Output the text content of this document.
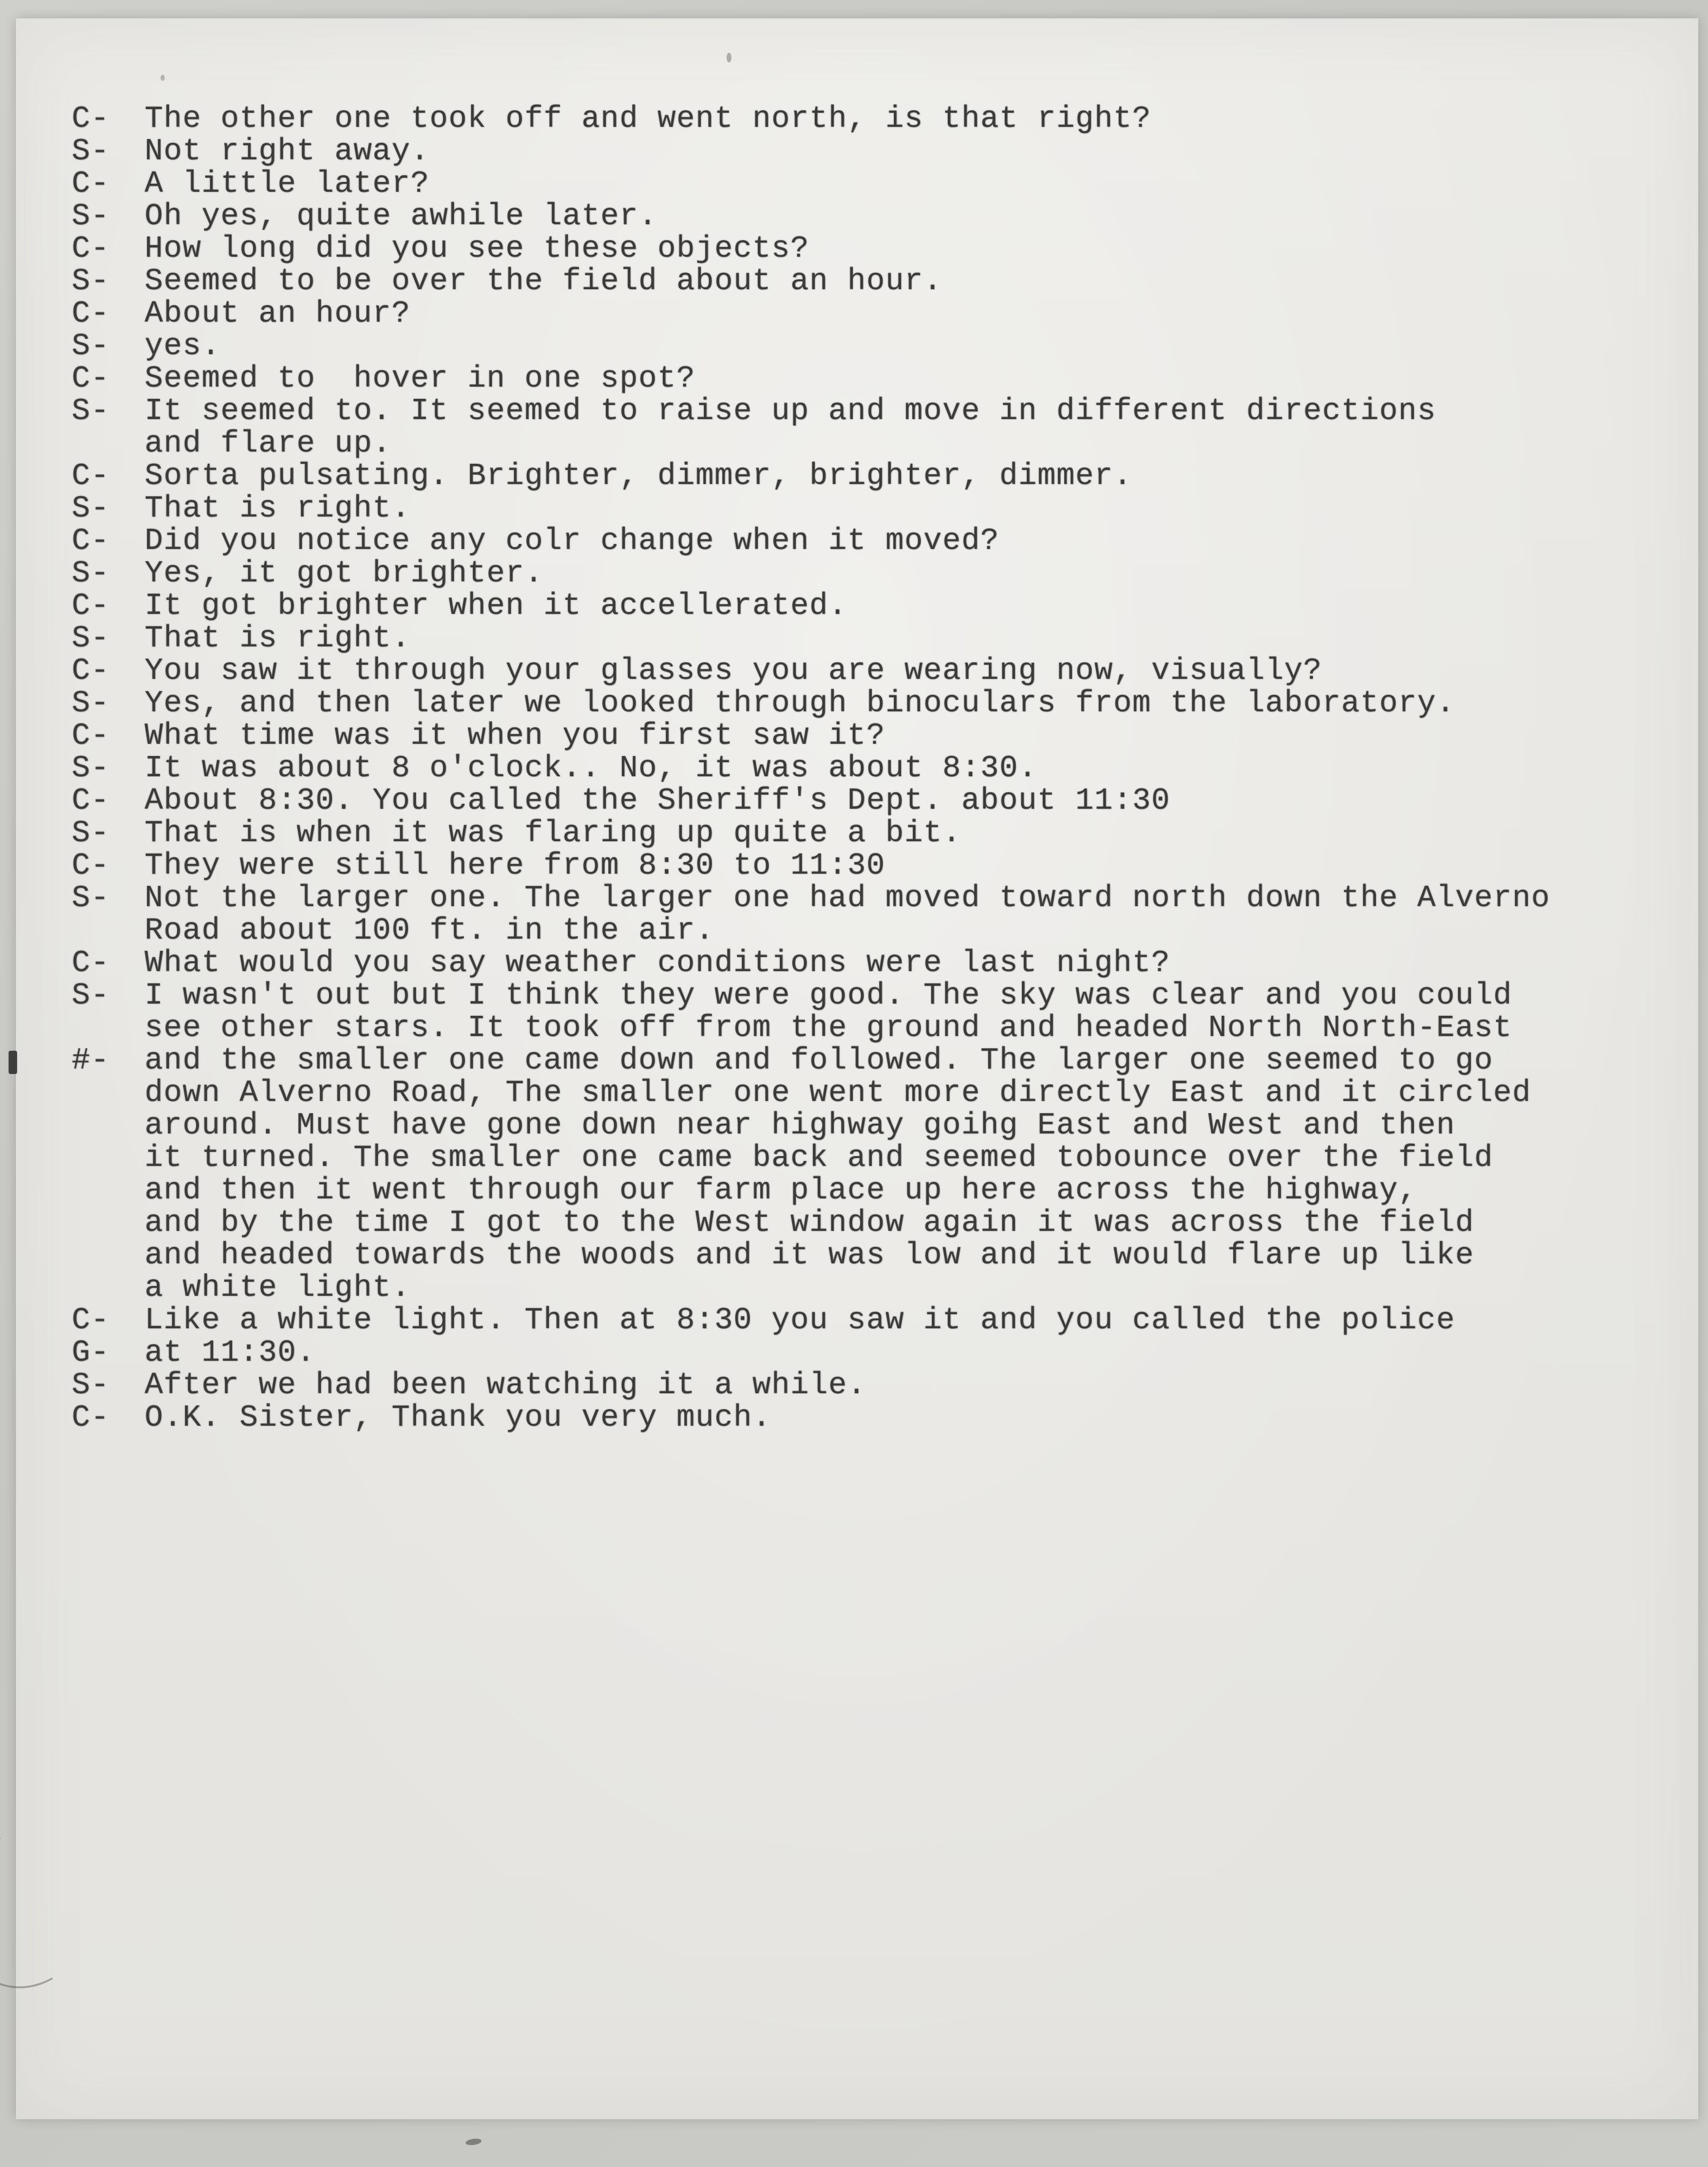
C-	The other one took off and went north, is that right?
S-	Not right away.
C-	A little later?
S-	Oh yes, quite awhile later.
C-	How long did you see these objects?
S-	Seemed to be over the field about an hour.
C-	About an hour?
S-	yes.
C-	Seemed to  hover in one spot?
S-	It seemed to. It seemed to raise up and move in different directions
and flare up.
C-	Sorta pulsating. Brighter, dimmer, brighter, dimmer.
S-	That is right.
C-	Did you notice any colr change when it moved?
S-	Yes, it got brighter.
C-	It got brighter when it accellerated.
S-	That is right.
C-	You saw it through your glasses you are wearing now, visually?
S-	Yes, and then later we looked through binoculars from the laboratory.
C-	What time was it when you first saw it?
S-	It was about 8 o'clock.. No, it was about 8:30.
C-	About 8:30. You called the Sheriff's Dept. about 11:30
S-	That is when it was flaring up quite a bit.
C-	They were still here from 8:30 to 11:30
S-	Not the larger one. The larger one had moved toward north down the Alverno
Road about 100 ft. in the air.
C-	What would you say weather conditions were last night?
S-	I wasn't out but I think they were good. The sky was clear and you could
see other stars. It took off from the ground and headed North North-East
#-	and the smaller one came down and followed. The larger one seemed to go
down Alverno Road, The smaller one went more directly East and it circled
around. Must have gone down near highway goihg East and West and then
it turned. The smaller one came back and seemed tobounce over the field
and then it went through our farm place up here across the highway,
and by the time I got to the West window again it was across the field
and headed towards the woods and it was low and it would flare up like
a white light.
C-	Like a white light. Then at 8:30 you saw it and you called the police
G-	at 11:30.
S-	After we had been watching it a while.
C-	O.K. Sister, Thank you very much.
